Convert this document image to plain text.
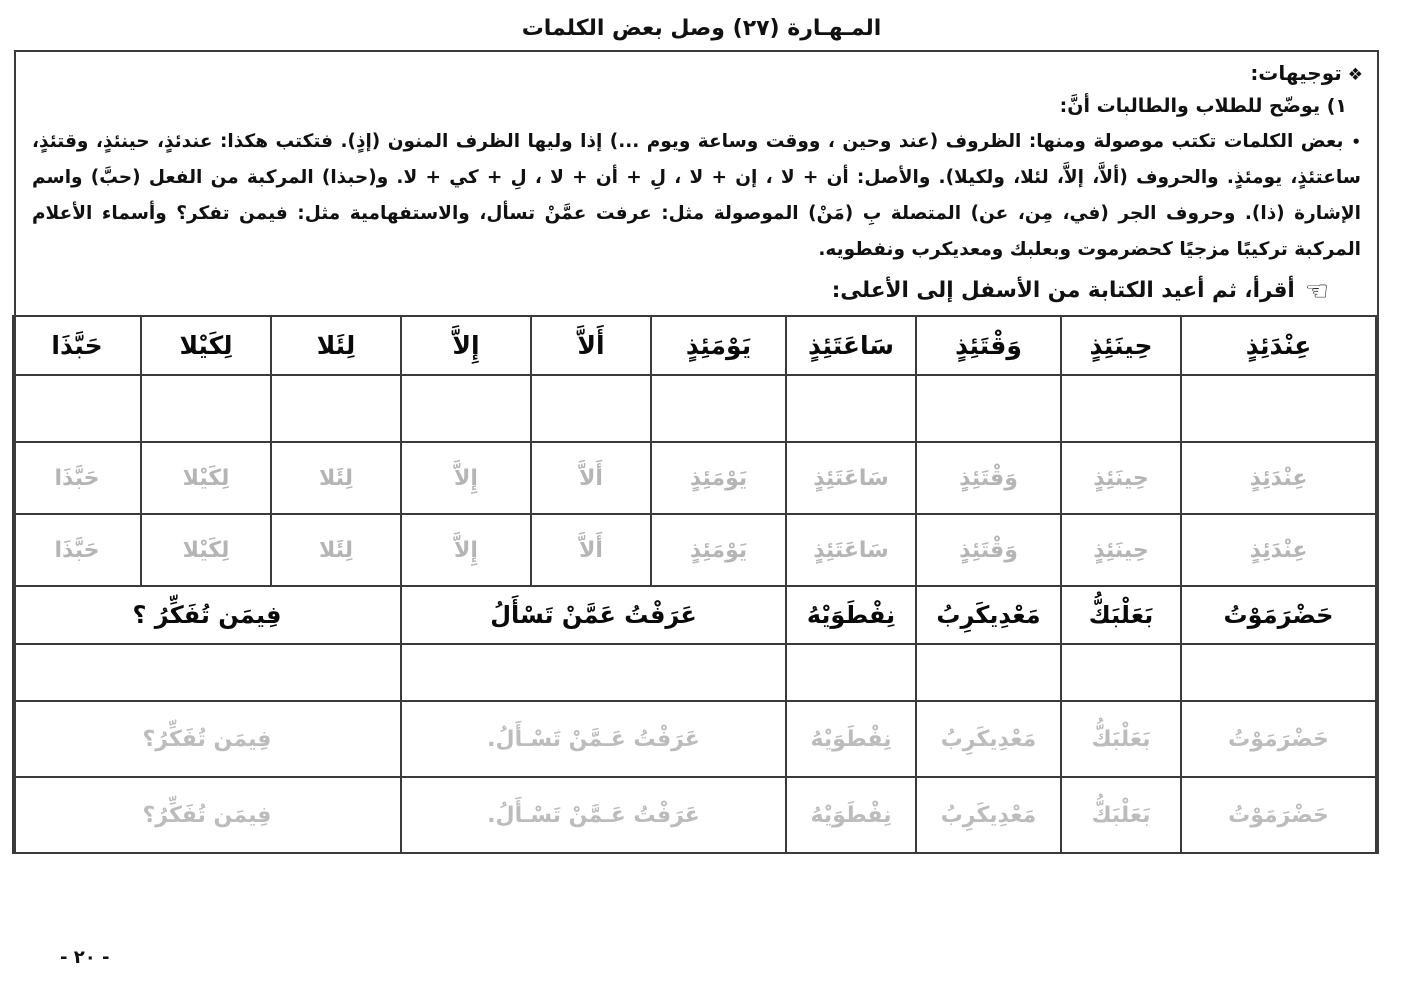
المـهـارة (٢٧) وصل بعض الكلمات
❖توجيهات:
١) يوضّح للطلاب والطالبات أنَّ:
•بعض الكلمات تكتب موصولة ومنها: الظروف (عند وحين ، ووقت وساعة ويوم ...) إذا وليها الظرف المنون (إذٍ). فتكتب هكذا: عندئذٍ، حينئذٍ، وقتئذٍ، ساعتئذٍ، يومئذٍ. والحروف (ألاَّ، إلاَّ، لئلا، ولكيلا). والأصل: أن + لا ، إن + لا ، لِ + أن + لا ، لِ + كي + لا. و(حبذا) المركبة من الفعل (حبَّ) واسم الإشارة (ذا). وحروف الجر (في، مِن، عن) المتصلة بِ (مَنْ) الموصولة مثل: عرفت عمَّنْ تسأل، والاستفهامية مثل: فيمن تفكر؟ وأسماء الأعلام المركبة تركيبًا مزجيًا كحضرموت وبعلبك ومعديكرب ونفطويه.
☜أقرأ، ثم أعيد الكتابة من الأسفل إلى الأعلى:
عِنْدَئِذٍ	حِينَئِذٍ	وَقْتَئِذٍ	سَاعَتَئِذٍ	يَوْمَئِذٍ	أَلاَّ	إِلاَّ	لِئَلا	لِكَيْلا	حَبَّذَا

عِنْدَئِذٍ	حِينَئِذٍ	وَقْتَئِذٍ	سَاعَتَئِذٍ	يَوْمَئِذٍ	أَلاَّ	إِلاَّ	لِئَلا	لِكَيْلا	حَبَّذَا
عِنْدَئِذٍ	حِينَئِذٍ	وَقْتَئِذٍ	سَاعَتَئِذٍ	يَوْمَئِذٍ	أَلاَّ	إِلاَّ	لِئَلا	لِكَيْلا	حَبَّذَا
حَضْرَمَوْتُ	بَعَلْبَكُّ	مَعْدِيكَرِبُ	نِفْطَوَيْهُ	عَرَفْتُ عَمَّنْ تَسْأَلُ			فِيمَن تُفَكِّرُ ؟		

حَضْرَمَوْتُ	بَعَلْبَكُّ	مَعْدِيكَرِبُ	نِفْطَوَيْهُ	عَرَفْتُ عَـمَّنْ تَسْـأَلُ.			فِيمَن تُفَكِّرُ؟		
حَضْرَمَوْتُ	بَعَلْبَكُّ	مَعْدِيكَرِبُ	نِفْطَوَيْهُ	عَرَفْتُ عَـمَّنْ تَسْـأَلُ.			فِيمَن تُفَكِّرُ؟		
- ٢٠ -
